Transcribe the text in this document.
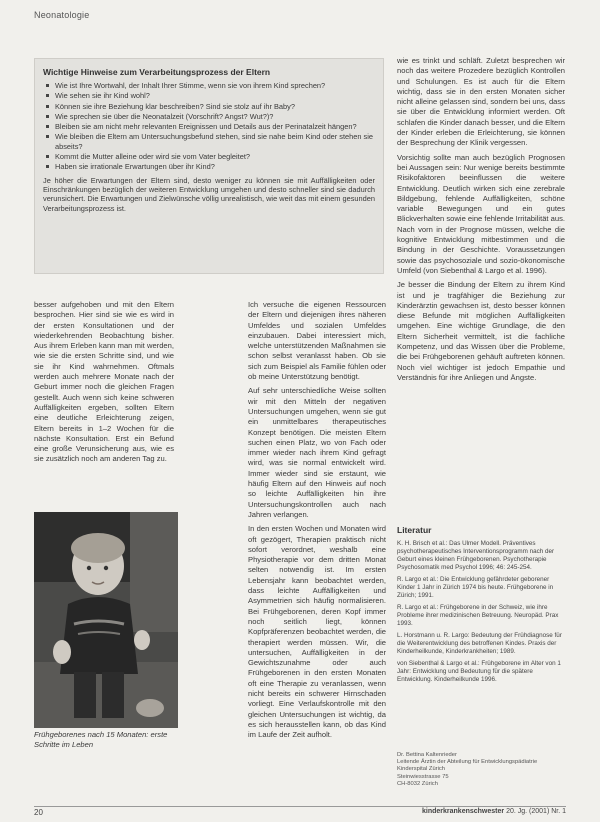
Neonatologie
Wichtige Hinweise zum Verarbeitungsprozess der Eltern
Wie ist Ihre Wortwahl, der Inhalt Ihrer Stimme, wenn sie von ihrem Kind sprechen?
Wie sehen sie ihr Kind wohl?
Können sie ihre Beziehung klar beschreiben? Sind sie stolz auf ihr Baby?
Wie sprechen sie über die Neonatalzeit (Vorschrift? Angst? Wut?)?
Bleiben sie am nicht mehr relevanten Ereignissen und Details aus der Perinatalzeit hängen?
Wie bleiben die Eltern am Untersuchungsbefund stehen, sind sie nahe beim Kind oder stehen sie abseits?
Kommt die Mutter alleine oder wird sie vom Vater begleitet?
Haben sie irrationale Erwartungen über ihr Kind?
Je höher die Erwartungen der Eltern sind, desto weniger zu können sie mit Auffälligkeiten oder Einschränkungen bezüglich der weiteren Entwicklung umgehen und desto schneller sind sie dadurch verunsichert. Die Erwartungen und Zielwünsche völlig unrealistisch, wie weit das mit einem gesunden Verarbeitungsprozess ist.

besser aufgehoben und mit den Eltern besprochen. Hier sind sie wie es wird in der ersten Konsultationen und der wiederkehrenden Beobachtung bisher. Aus ihrem Erleben kann man mit werden, wie sie die ersten Schritte sind, und wie sie ihr Kind wahrnehmen. Oftmals werden auch mehrere Monate nach der Geburt immer noch die gleichen Fragen gestellt. Auch wenn sich keine schweren Auffälligkeiten ergeben, sollten Eltern eine deutliche Erleichterung zeigen, Eltern bereits in 1–2 Wochen für die nächste Konsultation. Erst ein Befund eine große Verunsicherung aus, wie es sie zusätzlich noch am anderen Tag zu.

Frühgeborenes nach 15 Monaten: erste Schritte im Leben

Ich versuche die eigenen Ressourcen der Eltern und diejenigen ihres näheren Umfeldes und sozialen Umfeldes einzubauen. Dabei interessiert mich, welche unterstützenden Maßnahmen sie schon selbst veranlasst haben. Ob sie sich zum Beispiel als Familie fühlen oder ob meine Unterstützung benötigt.

Auf sehr unterschiedliche Weise sollten wir mit den Mitteln der negativen Untersuchungen umgehen, wenn sie gut ein unmittelbares therapeutisches Konzept benötigen. Die meisten Eltern suchen einen Platz, wo von Fach oder immer wieder nach ihrem Kind gefragt wird, was sie normal entwickelt wird. Immer wieder sind sie erstaunt, wie häufig Eltern auf den Hinweis auf noch so leichte Auffälligkeiten hin ihre Untersuchungskontrollen auch nach Jahren verlangen.

In den ersten Wochen und Monaten wird oft gezögert, Therapien praktisch nicht sofort verordnet, weshalb eine Physiotherapie vor dem dritten Monat selten notwendig ist. Im ersten Lebensjahr kann beobachtet werden, dass leichte Auffälligkeiten und Asymmetrien sich häufig normalisieren. Bei Frühgeborenen, deren Kopf immer noch seitlich liegt, können Kopfpräferenzen beobachtet werden, die therapiert werden müssen. Wir, die untersuchen, Auffälligkeiten in der Gewichtszunahme oder auch Frühgeborenen in den ersten Monaten oft eine Therapie zu veranlassen, wenn nicht bereits ein schwerer Hirnschaden vorliegt. Eine Verlaufskontrolle mit den gleichen Untersuchungen ist wichtig, da es sich herausstellen kann, ob das Kind im Laufe der Zeit aufholt.

wie es trinkt und schläft. Zuletzt besprechen wir noch das weitere Prozedere bezüglich Kontrollen und Schulungen. Es ist auch für die Eltern wichtig, dass sie in den ersten Monaten sicher nicht alleine gelassen sind, sondern bei uns, dass sie über die Entwicklung informiert werden. Oft schlafen die Kinder danach besser, und die Eltern der Kinder erleben die Erleichterung, sie können der Besprechung der Klinik vergessen.

Vorsichtig sollte man auch bezüglich Prognosen bei Aussagen sein: Nur wenige bereits bestimmte Risikofaktoren beeinflussen die weitere Entwicklung. Deutlich wirken sich eine zerebrale Bildgebung, fehlende Auffälligkeiten, schöne variable Bewegungen und ein gutes Blickverhalten sowie eine fehlende Irritabilität aus. Nach vorn in der Prognose müssen, welche die kognitive Entwicklung mitbestimmen und die Bindung in der Geschichte. Voraussetzungen sowie das psychosoziale und sozio-ökonomische Umfeld (von Siebenthal & Largo et al. 1996).

Je besser die Bindung der Eltern zu ihrem Kind ist und je tragfähiger die Beziehung zur Kinderärztin gewachsen ist, desto besser können diese Befunde mit möglichen Auffälligkeiten umgehen. Eine wichtige Grundlage, die den Eltern Sicherheit vermittelt, ist die fachliche Kompetenz, und das Wissen über die Probleme, die bei Frühgeborenen gehäuft auftreten können. Noch viel wichtiger ist jedoch Empathie und Verständnis für ihre Anliegen und Ängste.

Literatur

K. H. Brisch et al.: Das Ulmer Modell. Präventives psychotherapeutisches Interventionsprogramm nach der Geburt eines kleinen Frühgeborenen. Psychotherapie Psychosomatik med Psychol 1996; 46: 245-254.

R. Largo et al.: Die Entwicklung gefährdeter geborener Kinder 1 Jahr in Zürich 1974 bis heute. Frühgeborene in Zürich; 1991.

R. Largo et al.: Frühgeborene in der Schweiz, wie ihre Probleme ihrer medizinischen Betreuung. Neuropäd. Prax 1993.

L. Horstmann u. R. Largo: Bedeutung der Frühdiagnose für die Weiterentwicklung des betroffenen Kindes. Praxis der Kinderheilkunde, Kinderkrankheiten; 1989.

von Siebenthal & Largo et al.: Frühgeborene im Alter von 1 Jahr: Entwicklung und Bedeutung für die spätere Entwicklung. Kinderheilkunde 1996.

Dr. Bettina Kaltenrieder
Leitende Ärztin der Abteilung für Entwicklungspädiatrie
Kinderspital Zürich
Steinwiesstrasse 75
CH-8032 Zürich
20	kinderkrankenschwester 20. Jg. (2001) Nr. 1
